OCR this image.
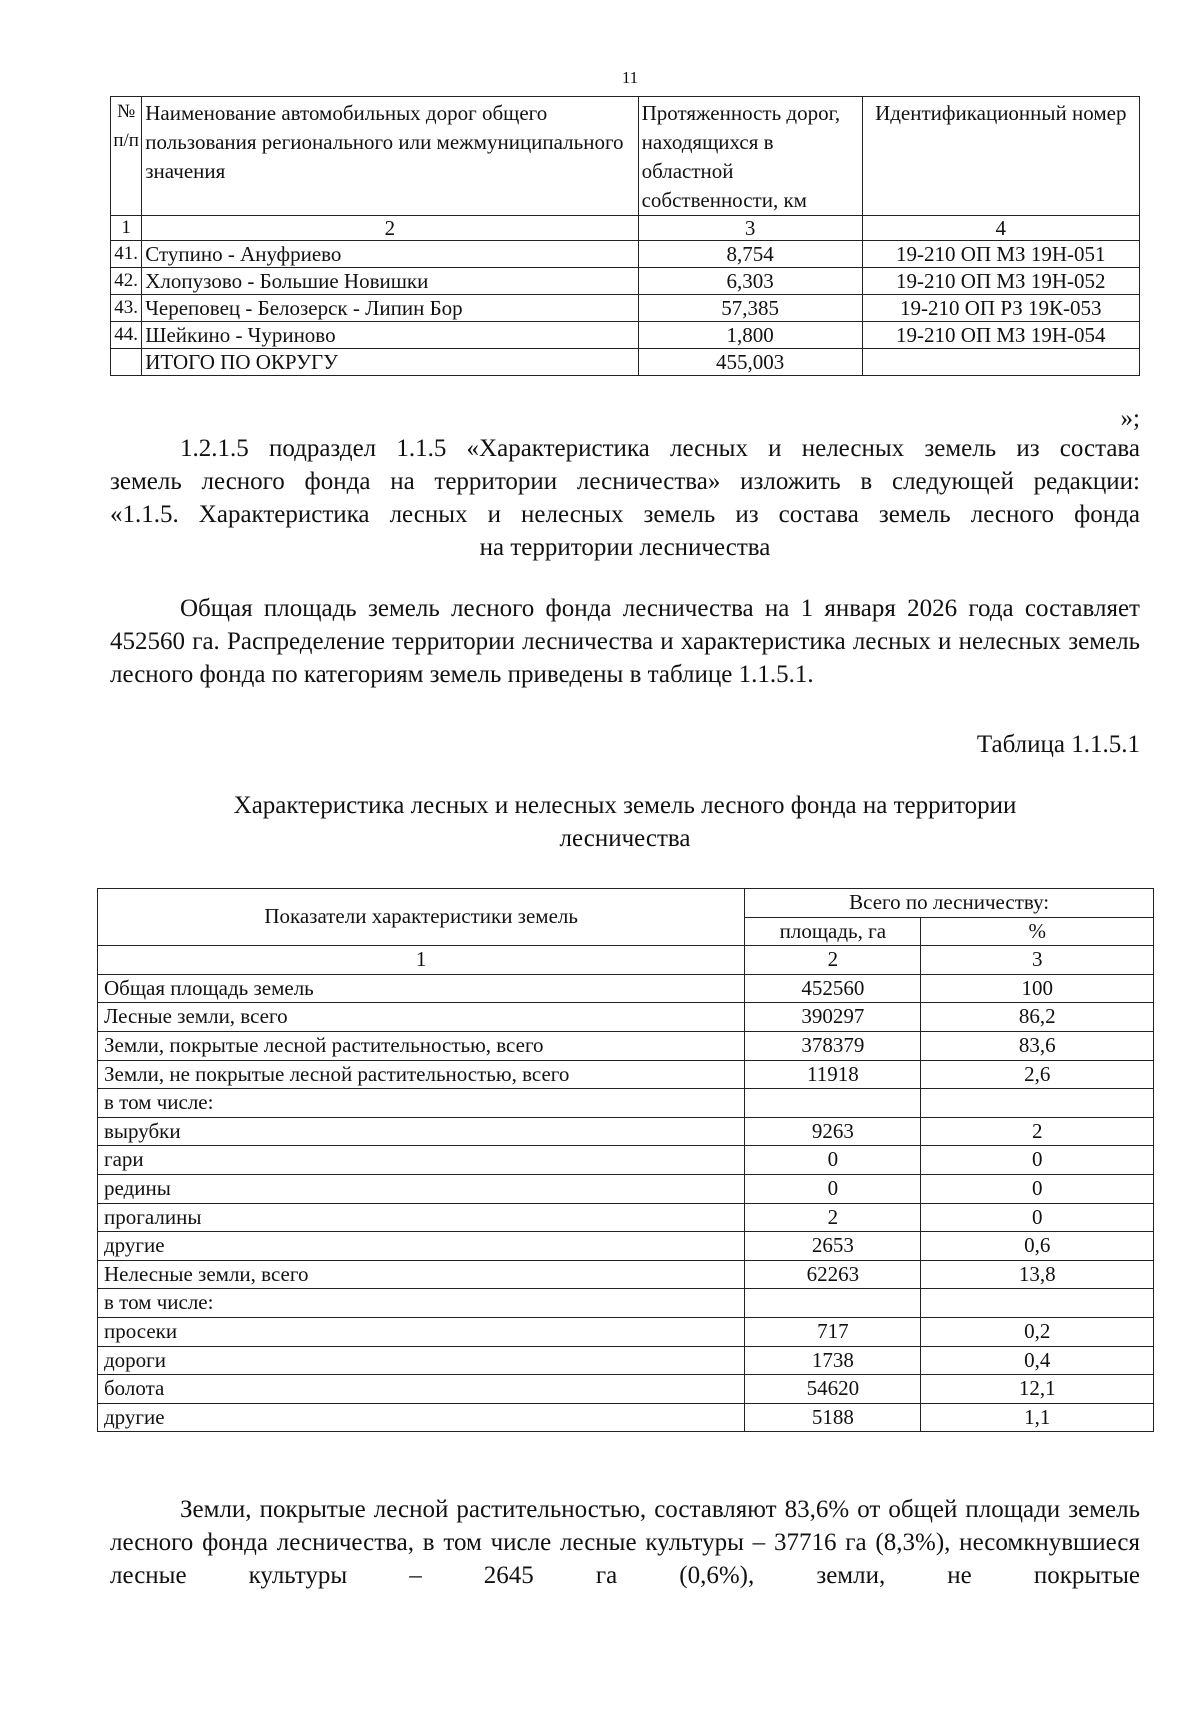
11
№ п/п	Наименование автомобильных дорог общего пользования регионального или межмуниципального значения	Протяженность дорог, находящихся в областной собственности, км	Идентификационный номер
1	2	3	4
41.	Ступино - Ануфриево	8,754	19-210 ОП МЗ 19Н-051
42.	Хлопузово - Большие Новишки	6,303	19-210 ОП МЗ 19Н-052
43.	Череповец - Белозерск - Липин Бор	57,385	19-210 ОП РЗ 19К-053
44.	Шейкино - Чуриново	1,800	19-210 ОП МЗ 19Н-054
	ИТОГО ПО ОКРУГУ	455,003	
»;

1.2.1.5 подраздел 1.1.5 «Характеристика лесных и нелесных земель из состава

земель лесного фонда на территории лесничества» изложить в следующей редакции:

«1.1.5. Характеристика лесных и нелесных земель из состава земель лесного фонда

на территории лесничества

Общая площадь земель лесного фонда лесничества на 1 января 2026 года составляет 452560 га. Распределение территории лесничества и характеристика лесных и нелесных земель лесного фонда по категориям земель приведены в таблице 1.1.5.1.

Таблица 1.1.5.1
Характеристика лесных и нелесных земель лесного фонда на территории
лесничества
Показатели характеристики земель	Всего по лесничеству:	
	площадь, га	%
1	2	3
Общая площадь земель	452560	100
Лесные земли, всего	390297	86,2
Земли, покрытые лесной растительностью, всего	378379	83,6
Земли, не покрытые лесной растительностью, всего	11918	2,6
в том числе:		
вырубки	9263	2
гари	0	0
редины	0	0
прогалины	2	0
другие	2653	0,6
Нелесные земли, всего	62263	13,8
в том числе:		
просеки	717	0,2
дороги	1738	0,4
болота	54620	12,1
другие	5188	1,1

Земли, покрытые лесной растительностью, составляют 83,6% от общей площади земель лесного фонда лесничества, в том числе лесные культуры – 37716 га (8,3%), несомкнувшиеся лесные культуры – 2645 га (0,6%), земли, не покрытые
